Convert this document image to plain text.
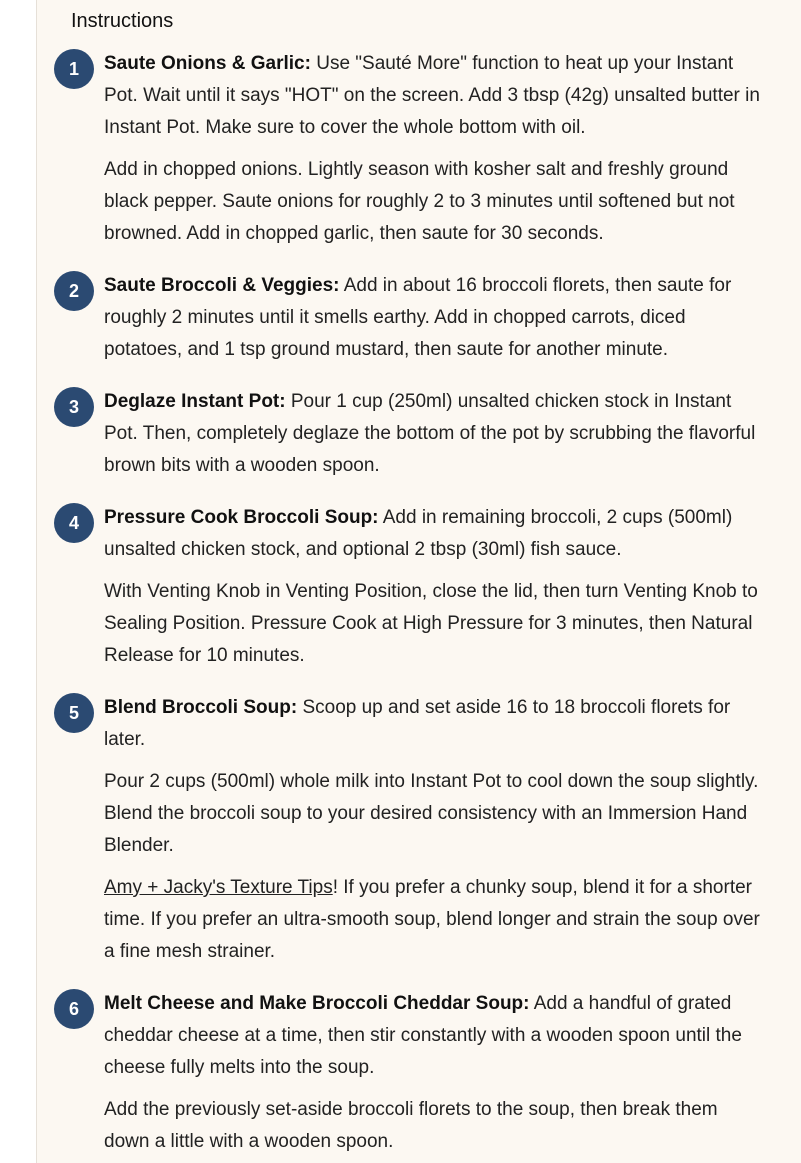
Instructions
1	Saute Onions & Garlic: Use "Sauté More" function to heat up your Instant Pot. Wait until it says "HOT" on the screen. Add 3 tbsp (42g) unsalted butter in Instant Pot. Make sure to cover the whole bottom with oil.

Add in chopped onions. Lightly season with kosher salt and freshly ground black pepper. Saute onions for roughly 2 to 3 minutes until softened but not browned. Add in chopped garlic, then saute for 30 seconds.

2	Saute Broccoli & Veggies: Add in about 16 broccoli florets, then saute for roughly 2 minutes until it smells earthy. Add in chopped carrots, diced potatoes, and 1 tsp ground mustard, then saute for another minute.

3	Deglaze Instant Pot: Pour 1 cup (250ml) unsalted chicken stock in Instant Pot. Then, completely deglaze the bottom of the pot by scrubbing the flavorful brown bits with a wooden spoon.

4	Pressure Cook Broccoli Soup: Add in remaining broccoli, 2 cups (500ml) unsalted chicken stock, and optional 2 tbsp (30ml) fish sauce.

With Venting Knob in Venting Position, close the lid, then turn Venting Knob to Sealing Position. Pressure Cook at High Pressure for 3 minutes, then Natural Release for 10 minutes.

5	Blend Broccoli Soup: Scoop up and set aside 16 to 18 broccoli florets for later.

Pour 2 cups (500ml) whole milk into Instant Pot to cool down the soup slightly. Blend the broccoli soup to your desired consistency with an Immersion Hand Blender.

Amy + Jacky's Texture Tips! If you prefer a chunky soup, blend it for a shorter time. If you prefer an ultra-smooth soup, blend longer and strain the soup over a fine mesh strainer.

6	Melt Cheese and Make Broccoli Cheddar Soup: Add a handful of grated cheddar cheese at a time, then stir constantly with a wooden spoon until the cheese fully melts into the soup.

Add the previously set-aside broccoli florets to the soup, then break them down a little with a wooden spoon.
